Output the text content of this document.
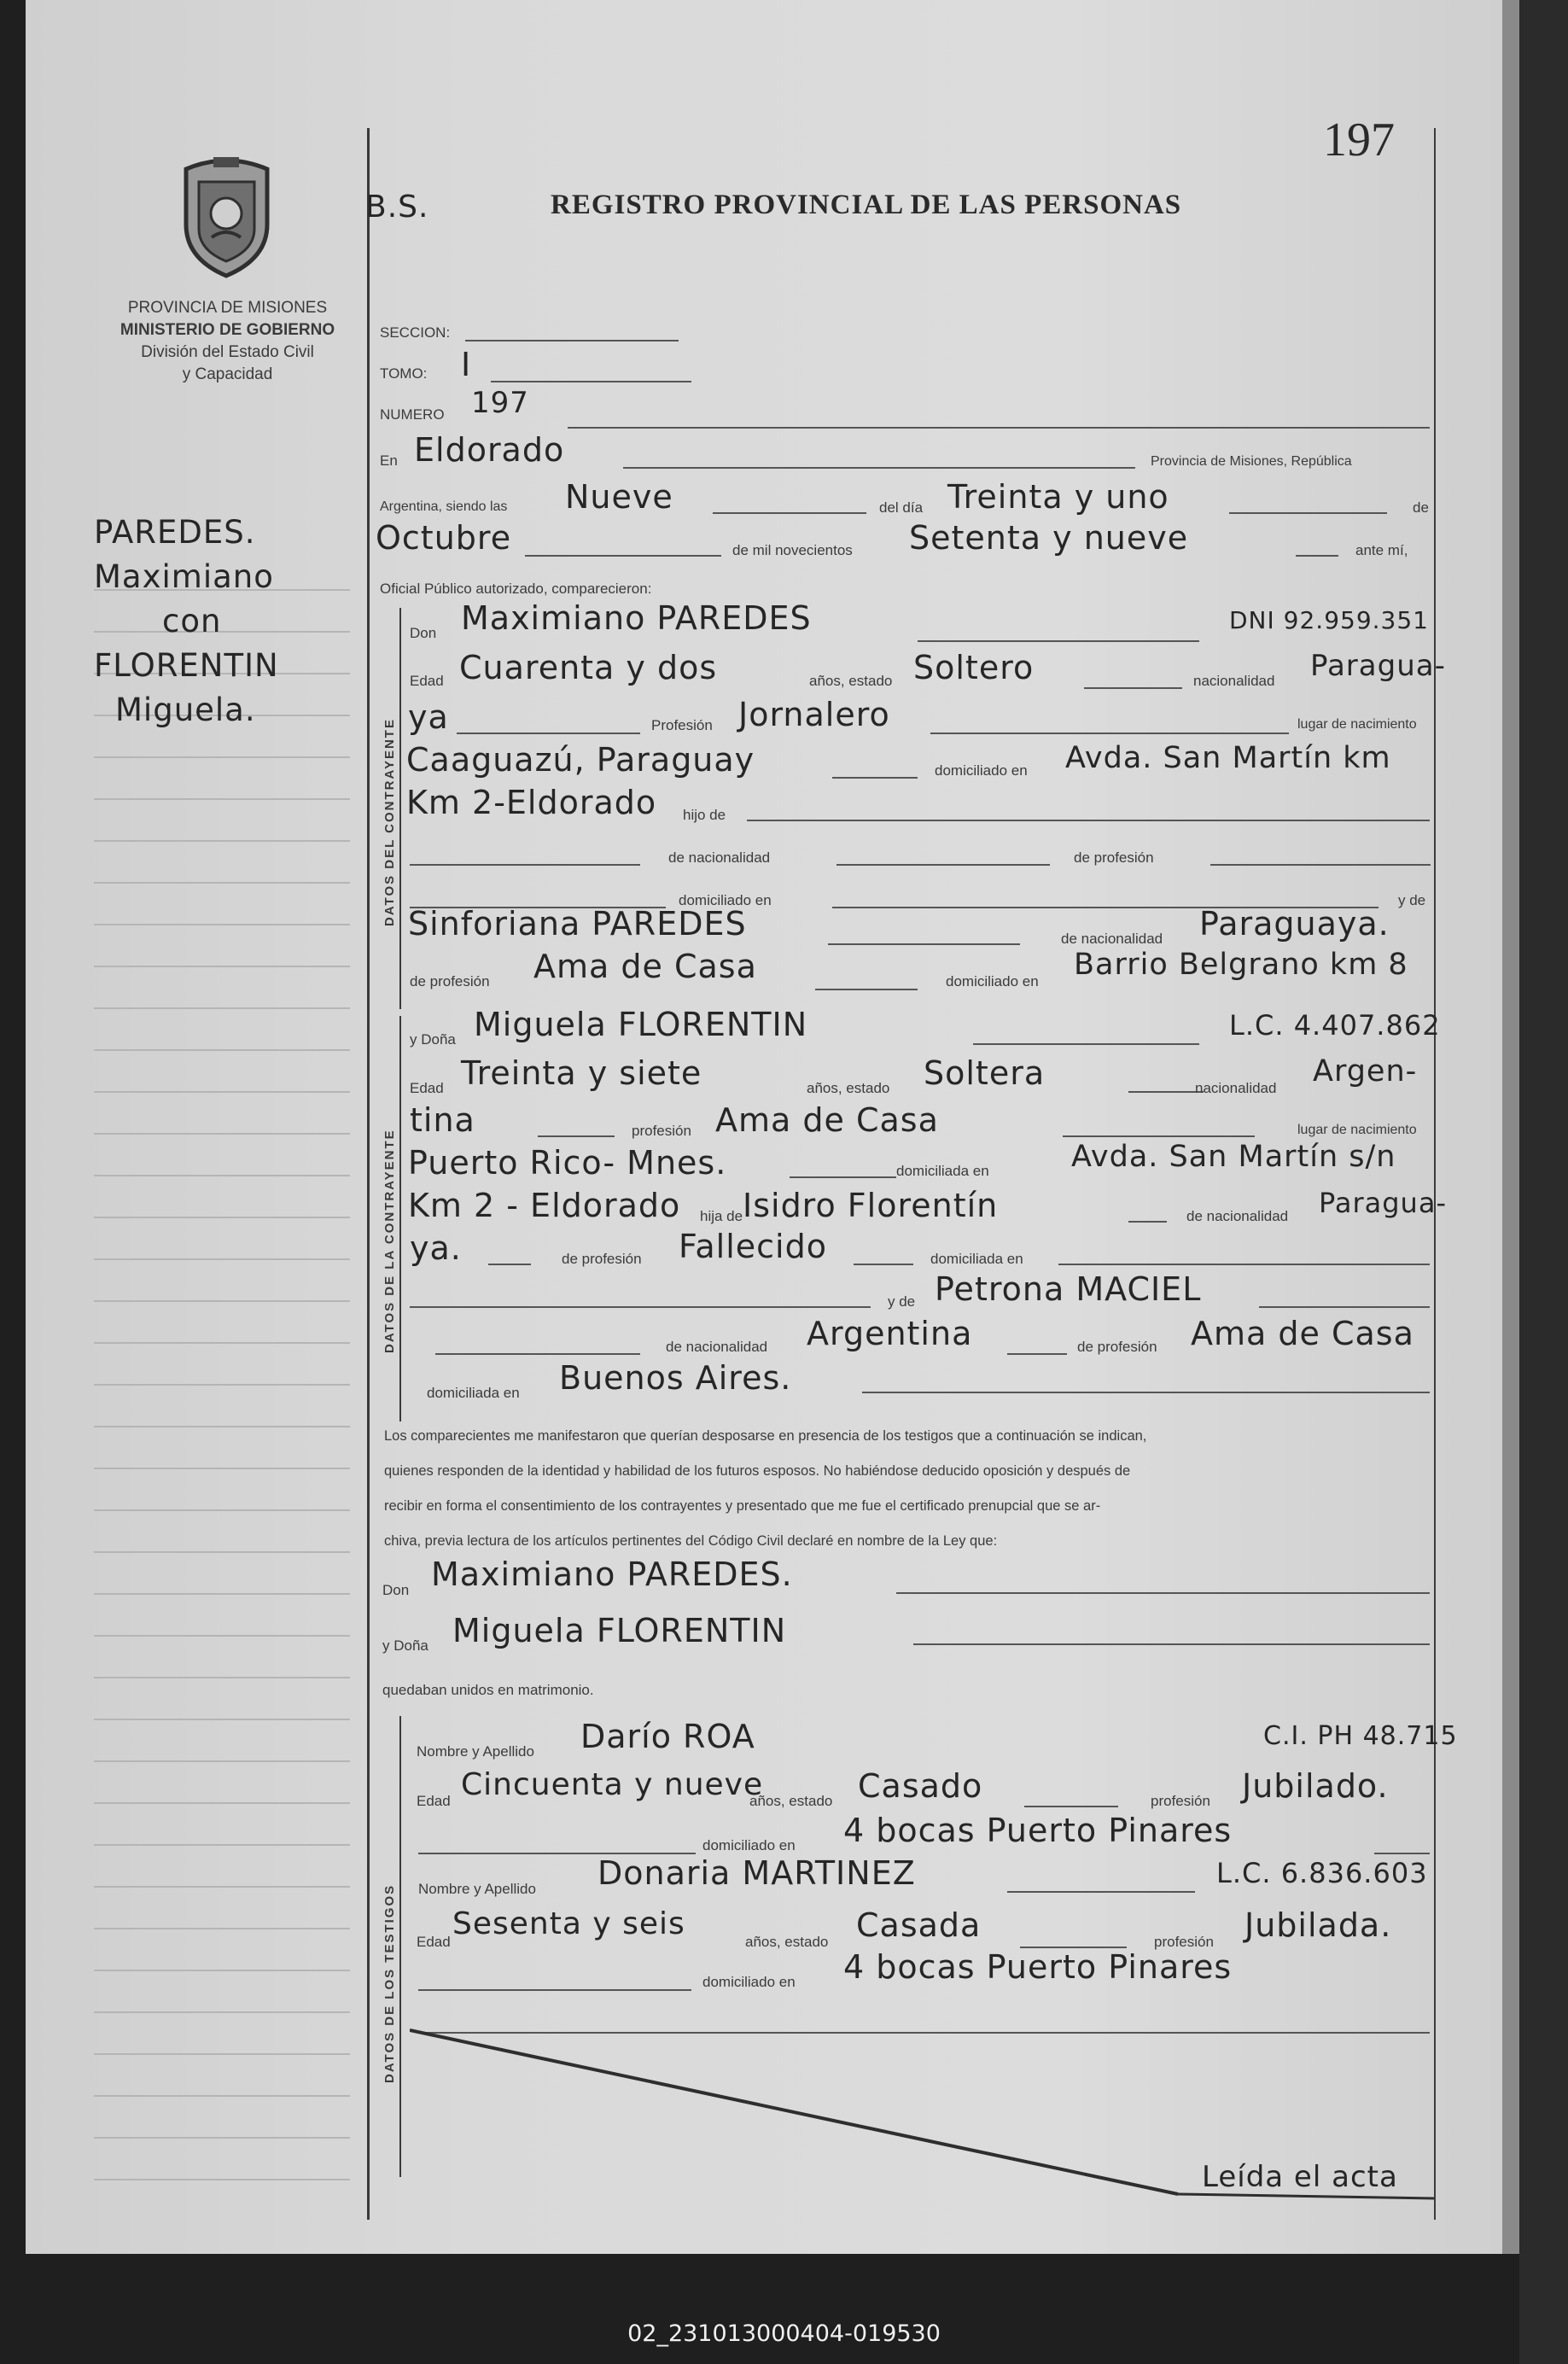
PROVINCIA DE MISIONES
MINISTERIO DE GOBIERNO
División del Estado Civil
y Capacidad
PAREDES.
Maximiano
con
FLORENTIN
Miguela.
197
B.S.	REGISTRO PROVINCIAL DE LAS PERSONAS
SECCION:
TOMO: I
NUMERO 197
En Eldorado	Provincia de Misiones, República
Argentina, siendo las Nueve	del día Treinta y uno	de
Octubre	de mil novecientos Setenta y nueve	ante mí,
Oficial Público autorizado, comparecieron:
DATOS DEL CONTRAYENTE
Don Maximiano PAREDES	DNI 92.959.351
Edad Cuarenta y dos	años, estado Soltero	nacionalidad Paragua-
ya	Profesión Jornalero	lugar de nacimiento
Caaguazú, Paraguay	domiciliado en Avda. San Martín km
Km 2-Eldorado hijo de
de nacionalidad	de profesión
domiciliado en	y de
Sinforiana PAREDES	de nacionalidad Paraguaya.
de profesión Ama de Casa	domiciliado en Barrio Belgrano km 8
DATOS DE LA CONTRAYENTE
y Doña Miguela FLORENTIN	L.C. 4.407.862
Edad Treinta y siete	años, estado Soltera	nacionalidad Argen-
tina	profesión Ama de Casa	lugar de nacimiento
Puerto Rico- Mnes.	domiciliada en	Avda. San Martín s/n
Km 2 - Eldorado hija de Isidro Florentín	de nacionalidad Paragua-
ya.	de profesión Fallecido	domiciliada en
y de Petrona MACIEL
de nacionalidad Argentina	de profesión Ama de Casa
domiciliada en Buenos Aires.
Los comparecientes me manifestaron que querían desposarse en presencia de los testigos que a continuación se indican,
quienes responden de la identidad y habilidad de los futuros esposos. No habiéndose deducido oposición y después de
recibir en forma el consentimiento de los contrayentes y presentado que me fue el certificado prenupcial que se ar-
chiva, previa lectura de los artículos pertinentes del Código Civil declaré en nombre de la Ley que:
Don Maximiano PAREDES.
y Doña Miguela FLORENTIN
quedaban unidos en matrimonio.
DATOS DE LOS TESTIGOS
Nombre y Apellido Darío ROA	C.I. PH 48.715
Edad Cincuenta y nueve
años, estado Casado	profesión Jubilado.
domiciliado en 4 bocas Puerto Pinares
Nombre y Apellido Donaria MARTINEZ	L.C. 6.836.603
Edad
Sesenta y seis
años, estado Casada	profesión Jubilada.
domiciliado en 4 bocas Puerto Pinares
Leída el acta
02_231013000404-019530
